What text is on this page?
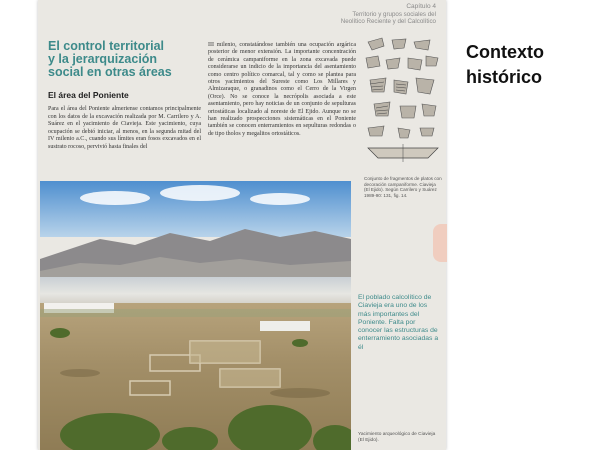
Capítulo 4
Territorio y grupos sociales del
Neolítico Reciente y del Calcolítico
El control territorial
y la jerarquización
social en otras áreas
El área del Poniente
Para el área del Poniente almeriense contamos principalmente con los datos de la excavación realizada por M. Carrilero y A. Suárez en el yacimiento de Ciavieja. Este yacimiento, cuya ocupación se debió iniciar, al menos, en la segunda mitad del IV milenio a.C., cuando sus límites eran fosos excavados en el sustrato rocoso, pervivió hasta finales del
III milenio, constatándose también una ocupación argárica posterior de menor extensión. La importante concentración de cerámica campaniforme en la zona excavada puede considerarse un indicio de la importancia del asentamiento como centro político comarcal, tal y como se plantea para otros yacimientos del Sureste como Los Millares y Almizaraque, o granadinos como el Cerro de la Virgen (Orce). No se conoce la necrópolis asociada a este asentamiento, pero hay noticias de un conjunto de sepulturas ortostáticas localizado al noreste de El Ejido. Aunque no se han realizado prospecciones sistemáticas en el Poniente también se conocen enterramientos en sepulturas redondas o de tipo tholos y megalitos ortostáticos.
Conjunto de fragmentos de platos con decoración campaniforme. Ciavieja (El Ejido). Según Carrilero y Suárez 1989-90: 131, fig. 14.
El poblado calcolítico de Ciavieja era uno de los más importantes del Poniente. Falta por conocer las estructuras de enterramiento asociadas a él
Yacimiento arqueológico de Ciavieja (El Ejido).
Contexto
histórico
